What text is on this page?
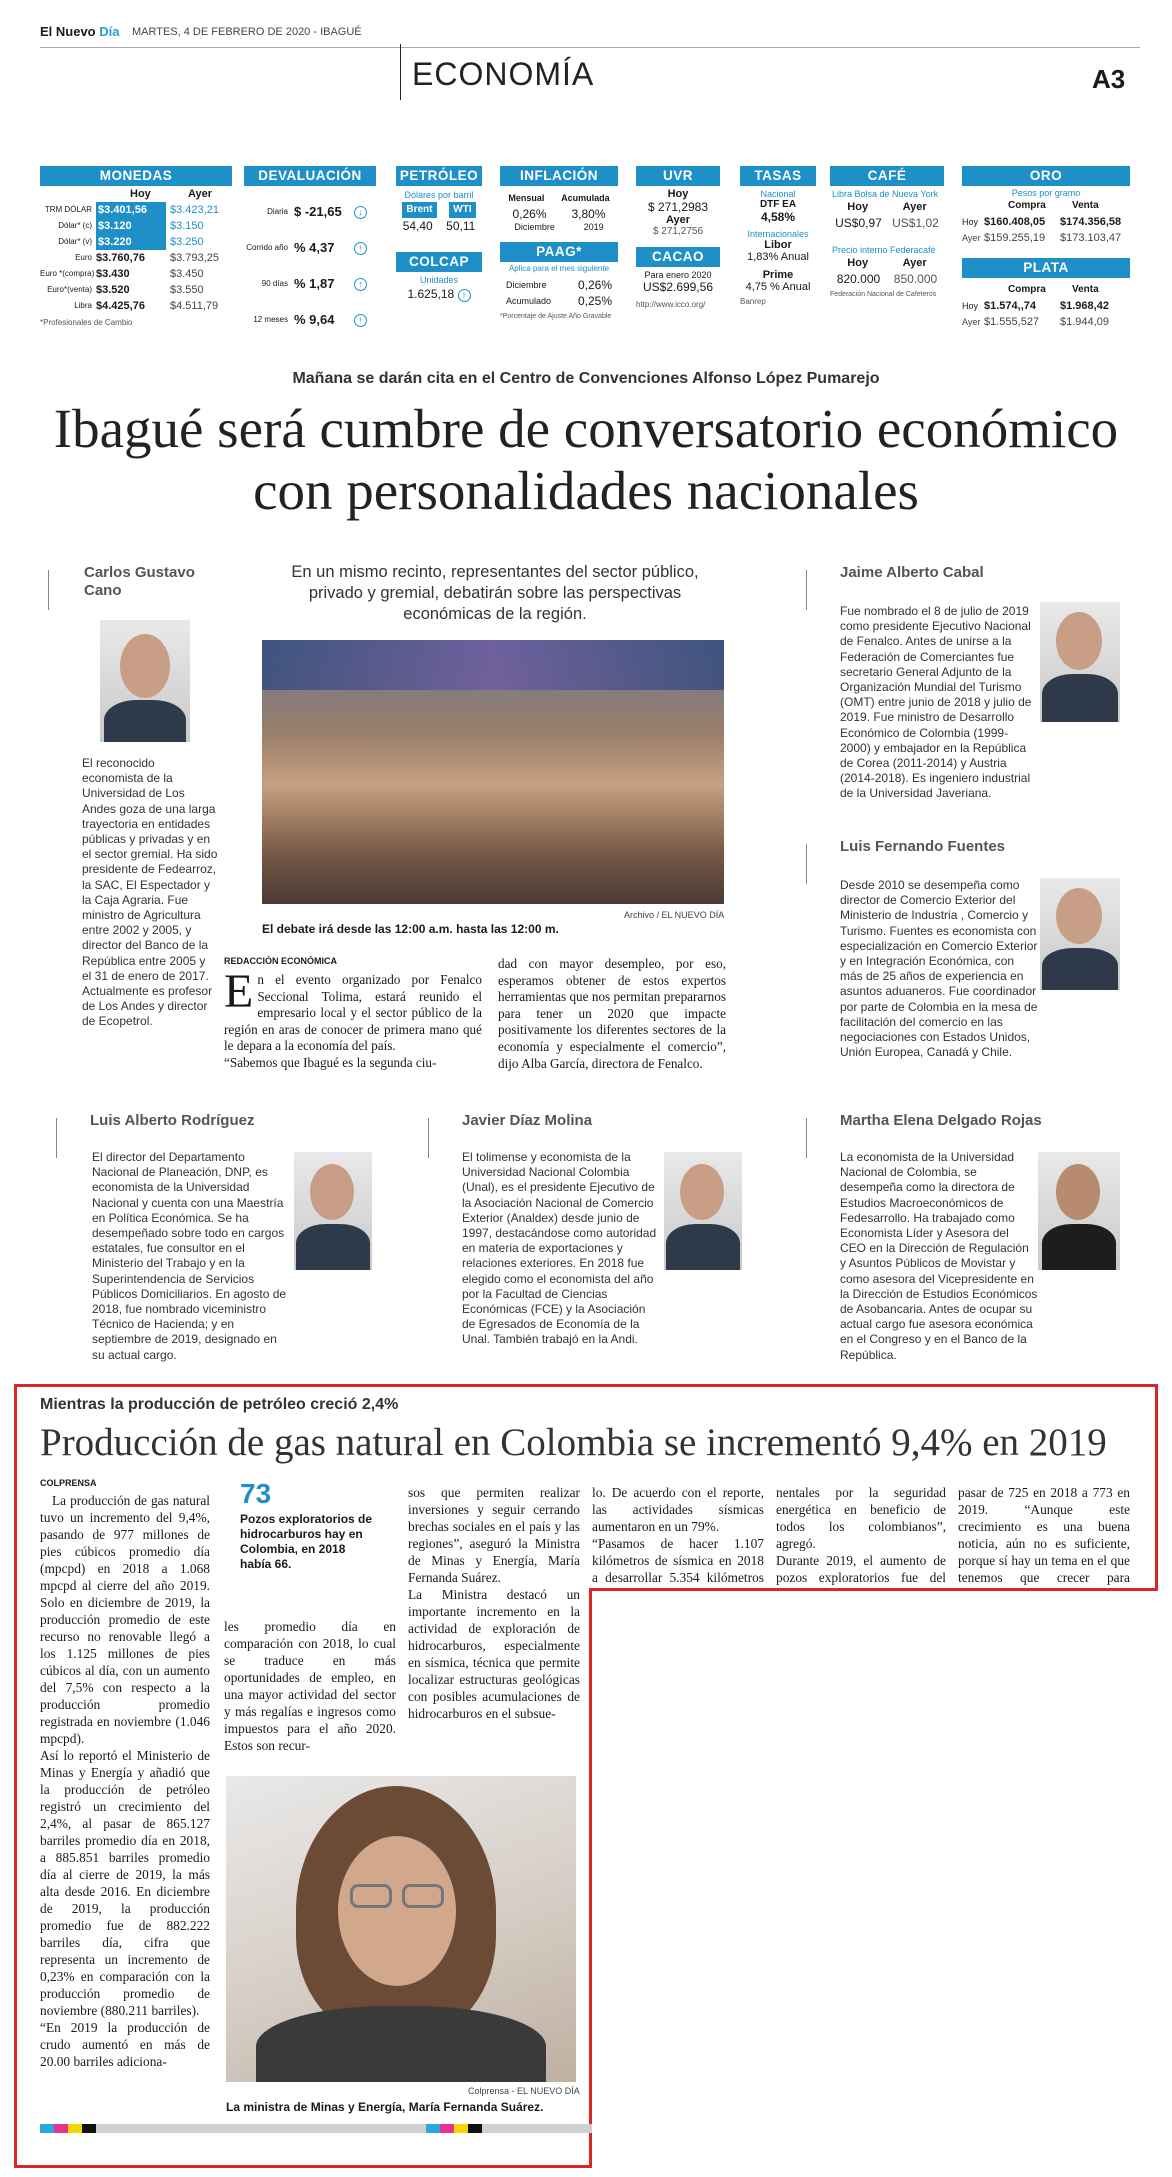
El Nuevo Día MARTES, 4 DE FEBRERO DE 2020 - IBAGUÉ
ECONOMÍA	A3
MONEDAS
Hoy	Ayer
TRM DÓLAR $3.401,56	$3.423,21
Dólar* (c) $3.120	$3.150
Dólar* (v) $3.220	$3.250
Euro $3.760,76	$3.793,25
Euro *(compra) $3.430	$3.450
Euro*(venta) $3.520	$3.550
Libra $4.425,76	$4.511,79
*Profesionales de Cambio
DEVALUACIÓN
Diaria $ -21,65	↓
Corrido año % 4,37	↑
90 días % 1,87	↑
12 meses % 9,64	↑
PETRÓLEO
Dólares por barril
Brent	WTI
54,40 50,11
COLCAP
Unidades
1.625,18 ↑
INFLACIÓN
Mensual Acumulada
0,26% 3,80%
Diciembre	2019
PAAG*
Aplica para el mes siguiente
Diciembre	0,26%
Acumulado 0,25%
*Porcentaje de Ajuste Año Gravable
UVR
Hoy
$ 271,2983
Ayer
$ 271,2756
CACAO
Para enero 2020
US$2.699,56
http://www.icco.org/
TASAS
Nacional
DTF EA
4,58%
Internacionales
Libor
1,83% Anual
Prime
4,75 % Anual
Banrep
CAFÉ
Libra Bolsa de Nueva York
Hoy	Ayer
US$0,97 US$1,02
Precio interno Federacafé
Hoy	Ayer
820.000 850.000
Federación Nacional de Cafeteros
ORO
Pesos por gramo
Compra	Venta
Hoy $160.408,05	$174.356,58
Ayer $159.255,19	$173.103,47
PLATA
Compra	Venta
Hoy $1.574,,74	$1.968,42
Ayer $1.555,527	$1.944,09
Mañana se darán cita en el Centro de Convenciones Alfonso López Pumarejo
Ibagué será cumbre de conversatorio económico con personalidades nacionales
Carlos Gustavo Cano
El reconocido economista de la Universidad de Los Andes goza de una larga trayectoria en entidades públicas y privadas y en el sector gremial. Ha sido presidente de Fedearroz, la SAC, El Espectador y la Caja Agraria. Fue ministro de Agricultura entre 2002 y 2005, y director del Banco de la República entre 2005 y el 31 de enero de 2017. Actualmente es profesor de Los Andes y director de Ecopetrol.
En un mismo recinto, representantes del sector público, privado y gremial, debatirán sobre las perspectivas económicas de la región.
El debate irá desde las 12:00 a.m. hasta las 12:00 m.
Archivo / EL NUEVO DÍA
REDACCIÓN ECONÓMICA
En el evento organizado por Fenalco Seccional Tolima, estará reunido el empresario local y el sector público de la región en aras de conocer de primera mano qué le depara a la economía del país.
“Sabemos que Ibagué es la segunda ciu-
dad con mayor desempleo, por eso, esperamos obtener de estos expertos herramientas que nos permitan prepararnos para tener un 2020 que impacte positivamente los diferentes sectores de la economía y especialmente el comercio”, dijo Alba García, directora de Fenalco.
Jaime Alberto Cabal
Fue nombrado el 8 de julio de 2019 como presidente Ejecutivo Nacional de Fenalco. Antes de unirse a la Federación de Comerciantes fue secretario General Adjunto de la Organización Mundial del Turismo (OMT) entre junio de 2018 y julio de 2019. Fue ministro de Desarrollo Económico de Colombia (1999-2000) y embajador en la República de Corea (2011-2014) y Austria (2014-2018). Es ingeniero industrial de la Universidad Javeriana.
Luis Fernando Fuentes
Desde 2010 se desempeña como director de Comercio Exterior del Ministerio de Industria , Comercio y Turismo. Fuentes es economista con especialización en Comercio Exterior y en Integración Económica, con más de 25 años de experiencia en asuntos aduaneros. Fue coordinador por parte de Colombia en la mesa de facilitación del comercio en las negociaciones con Estados Unidos, Unión Europea, Canadá y Chile.
Luis Alberto Rodríguez
El director del Departamento Nacional de Planeación, DNP, es economista de la Universidad Nacional y cuenta con una Maestría en Política Económica. Se ha desempeñado sobre todo en cargos estatales, fue consultor en el Ministerio del Trabajo y en la Superintendencia de Servicios Públicos Domiciliarios. En agosto de 2018, fue nombrado viceministro Técnico de Hacienda; y en septiembre de 2019, designado en su actual cargo.
Javier Díaz Molina
El tolimense y economista de la Universidad Nacional Colombia (Unal), es el presidente Ejecutivo de la Asociación Nacional de Comercio Exterior (Analdex) desde junio de 1997, destacándose como autoridad en materia de exportaciones y relaciones exteriores. En 2018 fue elegido como el economista del año por la Facultad de Ciencias Económicas (FCE) y la Asociación de Egresados de Economía de la Unal. También trabajó en la Andi.
Martha Elena Delgado Rojas
La economista de la Universidad Nacional de Colombia, se desempeña como la directora de Estudios Macroeconómicos de Fedesarrollo. Ha trabajado como Economista Líder y Asesora del CEO en la Dirección de Regulación y Asuntos Públicos de Movistar y como asesora del Vicepresidente en la Dirección de Estudios Económicos de Asobancaria. Antes de ocupar su actual cargo fue asesora económica en el Congreso y en el Banco de la República.
Mientras la producción de petróleo creció 2,4%
Producción de gas natural en Colombia se incrementó 9,4% en 2019
COLPRENSA
La producción de gas natural tuvo un incremento del 9,4%, pasando de 977 millones de pies cúbicos promedio día (mpcpd) en 2018 a 1.068 mpcpd al cierre del año 2019. Solo en diciembre de 2019, la producción promedio de este recurso no renovable llegó a los 1.125 millones de pies cúbicos al día, con un aumento del 7,5% con respecto a la producción promedio registrada en noviembre (1.046 mpcpd).
Así lo reportó el Ministerio de Minas y Energía y añadió que la producción de petróleo registró un crecimiento del 2,4%, al pasar de 865.127 barriles promedio día en 2018, a 885.851 barriles promedio día al cierre de 2019, la más alta desde 2016. En diciembre de 2019, la producción promedio fue de 882.222 barriles día, cifra que representa un incremento de 0,23% en comparación con la producción promedio de noviembre (880.211 barriles).
“En 2019 la producción de crudo aumentó en más de 20.00 barriles adiciona-
73
Pozos exploratorios de hidrocarburos hay en Colombia, en 2018 había 66.
les promedio día en comparación con 2018, lo cual se traduce en más oportunidades de empleo, en una mayor actividad del sector y más regalías e ingresos como impuestos para el año 2020. Estos son recur-
sos que permiten realizar inversiones y seguir cerrando brechas sociales en el país y las regiones”, aseguró la Ministra de Minas y Energía, María Fernanda Suárez.
La Ministra destacó un importante incremento en la actividad de exploración de hidrocarburos, especialmente en sísmica, técnica que permite localizar estructuras geológicas con posibles acumulaciones de hidrocarburos en el subsue-
lo. De acuerdo con el reporte, las actividades sísmicas aumentaron en un 79%.
“Pasamos de hacer 1.107 kilómetros de sísmica en 2018 a desarrollar 5.354 kilómetros
nentales por la seguridad energética en beneficio de todos los colombianos”, agregó.
Durante 2019, el aumento de pozos exploratorios fue del
pasar de 725 en 2018 a 773 en 2019. “Aunque este crecimiento es una buena noticia, aún no es suficiente, porque sí hay un tema en el que tenemos que crecer para
Colprensa - EL NUEVO DÍA
La ministra de Minas y Energía, María Fernanda Suárez.
